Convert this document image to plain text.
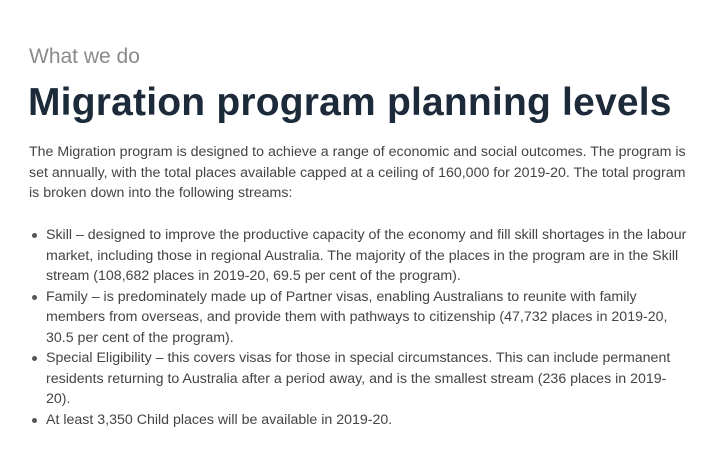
What we do
Migration program planning levels

The Migration program is designed to achieve a range of economic and social outcomes. The program is set annually, with the total places available capped at a ceiling of 160,000 for 2019-20. The total program is broken down into the following streams:

Skill – designed to improve the productive capacity of the economy and fill skill shortages in the labour market, including those in regional Australia. The majority of the places in the program are in the Skill stream (108,682 places in 2019-20, 69.5 per cent of the program).
Family – is predominately made up of Partner visas, enabling Australians to reunite with family members from overseas, and provide them with pathways to citizenship (47,732 places in 2019-20, 30.5 per cent of the program).
Special Eligibility – this covers visas for those in special circumstances. This can include permanent residents returning to Australia after a period away, and is the smallest stream (236 places in 2019-20).
At least 3,350 Child places will be available in 2019-20.
